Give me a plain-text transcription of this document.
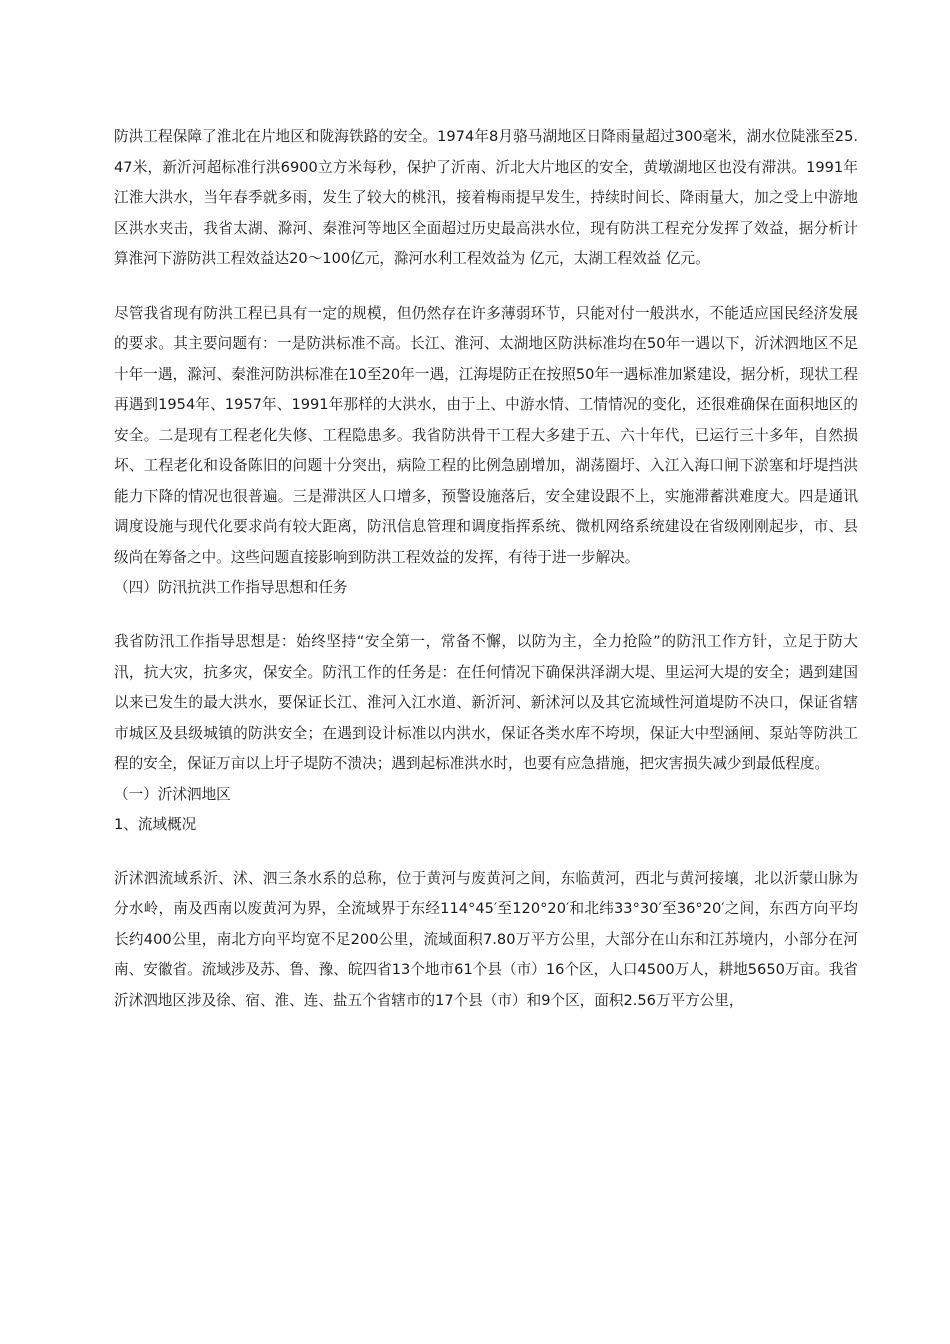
防洪工程保障了淮北在片地区和陇海铁路的安全。1974年8月骆马湖地区日降雨量超过300毫米，湖水位陡涨至25.47米，新沂河超标准行洪6900立方米每秒，保护了沂南、沂北大片地区的安全，黄墩湖地区也没有滞洪。1991年江淮大洪水，当年春季就多雨，发生了较大的桃汛，接着梅雨提早发生，持续时间长、降雨量大，加之受上中游地区洪水夹击，我省太湖、滁河、秦淮河等地区全面超过历史最高洪水位，现有防洪工程充分发挥了效益，据分析计算淮河下游防洪工程效益达20～100亿元，滁河水利工程效益为 亿元，太湖工程效益 亿元。

尽管我省现有防洪工程已具有一定的规模，但仍然存在许多薄弱环节，只能对付一般洪水，不能适应国民经济发展的要求。其主要问题有：一是防洪标准不高。长江、淮河、太湖地区防洪标准均在50年一遇以下，沂沭泗地区不足十年一遇，滁河、秦淮河防洪标准在10至20年一遇，江海堤防正在按照50年一遇标准加紧建设，据分析，现状工程再遇到1954年、1957年、1991年那样的大洪水，由于上、中游水情、工情情况的变化，还很难确保在面积地区的安全。二是现有工程老化失修、工程隐患多。我省防洪骨干工程大多建于五、六十年代，已运行三十多年，自然损坏、工程老化和设备陈旧的问题十分突出，病险工程的比例急剧增加，湖荡圈圩、入江入海口闸下淤塞和圩堤挡洪能力下降的情况也很普遍。三是滞洪区人口增多，预警设施落后，安全建设跟不上，实施滞蓄洪难度大。四是通讯调度设施与现代化要求尚有较大距离，防汛信息管理和调度指挥系统、微机网络系统建设在省级刚刚起步，市、县级尚在筹备之中。这些问题直接影响到防洪工程效益的发挥，有待于进一步解决。

（四）防汛抗洪工作指导思想和任务

我省防汛工作指导思想是：始终坚持“安全第一，常备不懈，以防为主，全力抢险”的防汛工作方针，立足于防大汛，抗大灾，抗多灾，保安全。防汛工作的任务是：在任何情况下确保洪泽湖大堤、里运河大堤的安全；遇到建国以来已发生的最大洪水，要保证长江、淮河入江水道、新沂河、新沭河以及其它流域性河道堤防不决口，保证省辖市城区及县级城镇的防洪安全；在遇到设计标准以内洪水，保证各类水库不垮坝，保证大中型涵闸、泵站等防洪工程的安全，保证万亩以上圩子堤防不溃决；遇到起标准洪水时，也要有应急措施，把灾害损失减少到最低程度。

（一）沂沭泗地区

1、流域概况

沂沭泗流域系沂、沭、泗三条水系的总称，位于黄河与废黄河之间，东临黄河，西北与黄河接壤，北以沂蒙山脉为分水岭，南及西南以废黄河为界，全流域界于东经114°45′至120°20′和北纬33°30′至36°20′之间，东西方向平均长约400公里，南北方向平均宽不足200公里，流域面积7.80万平方公里，大部分在山东和江苏境内，小部分在河南、安徽省。流域涉及苏、鲁、豫、皖四省13个地市61个县（市）16个区，人口4500万人，耕地5650万亩。我省沂沭泗地区涉及徐、宿、淮、连、盐五个省辖市的17个县（市）和9个区，面积2.56万平方公里，
